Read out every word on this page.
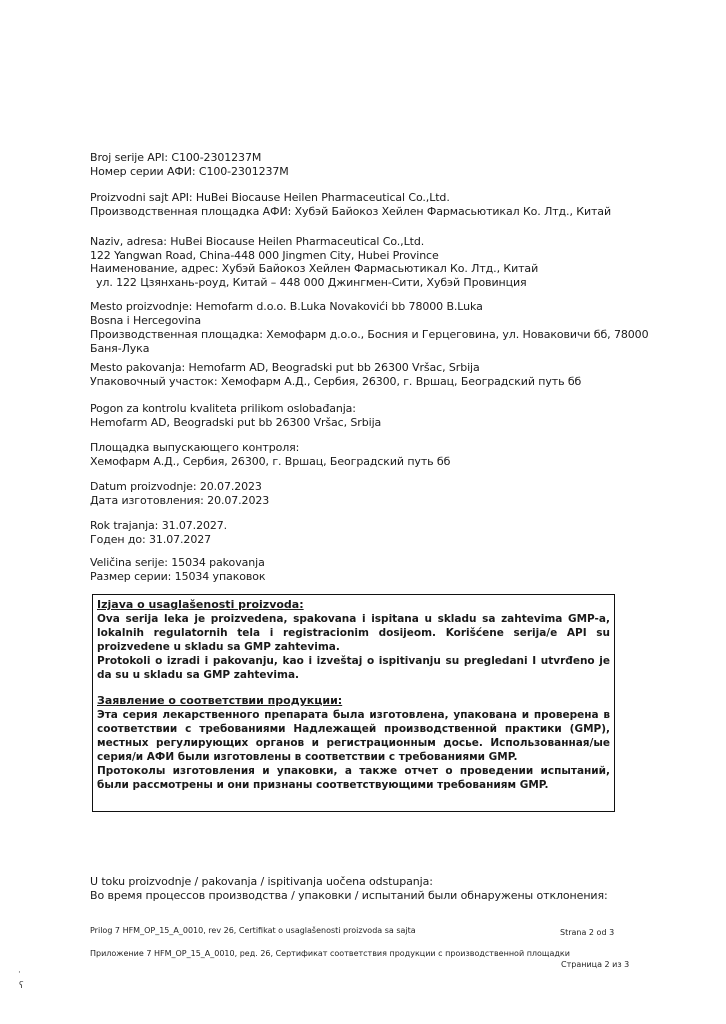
Broj serije API: C100-2301237M
Номер серии АФИ: C100-2301237M
Proizvodni sajt API: HuBei Biocause Heilen Pharmaceutical Co.,Ltd.
Производственная площадка АФИ: Хубэй Байокоз Хейлен Фармасьютикал Ко. Лтд., Китай
Naziv, adresa: HuBei Biocause Heilen Pharmaceutical Co.,Ltd.
122 Yangwan Road, China-448 000 Jingmen City, Hubei Province
Наименование, адрес: Хубэй Байокоз Хейлен Фармасьютикал Ко. Лтд., Китай
ул. 122 Цзянхань-роуд, Китай – 448 000 Джингмен-Сити, Хубэй Провинция
Mesto proizvodnje: Hemofarm d.o.o. B.Luka Novakovići bb 78000 B.Luka
Bosna i Hercegovina
Производственная площадка: Хемофарм д.о.о., Босния и Герцеговина, ул. Новаковичи бб, 78000
Баня-Лука
Mesto pakovanja: Hemofarm AD, Beogradski put bb 26300 Vršac, Srbija
Упаковочный участок: Хемофарм А.Д., Сербия, 26300, г. Вршац, Београдский путь бб
Pogon za kontrolu kvaliteta prilikom oslobađanja:
Hemofarm AD, Beogradski put bb 26300 Vršac, Srbija
Площадка выпускающего контроля:
Хемофарм А.Д., Сербия, 26300, г. Вршац, Београдский путь бб
Datum proizvodnje: 20.07.2023
Дата изготовления: 20.07.2023
Rok trajanja: 31.07.2027.
Годен до: 31.07.2027
Veličina serije: 15034 pakovanja
Размер серии: 15034 упаковок
Izjava o usaglašenosti proizvoda:

Ova serija leka je proizvedena, spakovana i ispitana u skladu sa zahtevima GMP-a, lokalnih regulatornih tela i registracionim dosijeom. Korišćene serija/e API su proizvedene u skladu sa GMP zahtevima.

Protokoli o izradi i pakovanju, kao i izveštaj o ispitivanju su pregledani I utvrđeno je da su u skladu sa GMP zahtevima.

Заявление о соответствии продукции:

Эта серия лекарственного препарата была изготовлена, упакована и проверена в соответствии с требованиями Надлежащей производственной практики (GMP), местных регулирующих органов и регистрационным досье. Использованная/ые серия/и АФИ были изготовлены в соответствии с требованиями GMP.

Протоколы изготовления и упаковки, а также отчет о проведении испытаний, были рассмотрены и они признаны соответствующими требованиям GMP.

U toku proizvodnje / pakovanja / ispitivanja uočena odstupanja:
Во время процессов производства / упаковки / испытаний были обнаружены отклонения:
Prilog 7 HFM_OP_15_A_0010, rev 26, Certifikat o usaglašenosti proizvoda sa sajta	Strana 2 od 3
Приложение 7 HFM_OP_15_A_0010, ред. 26, Сертификат соответствия продукции с производственной площадки
Страница 2 из 3
·
ʕ
